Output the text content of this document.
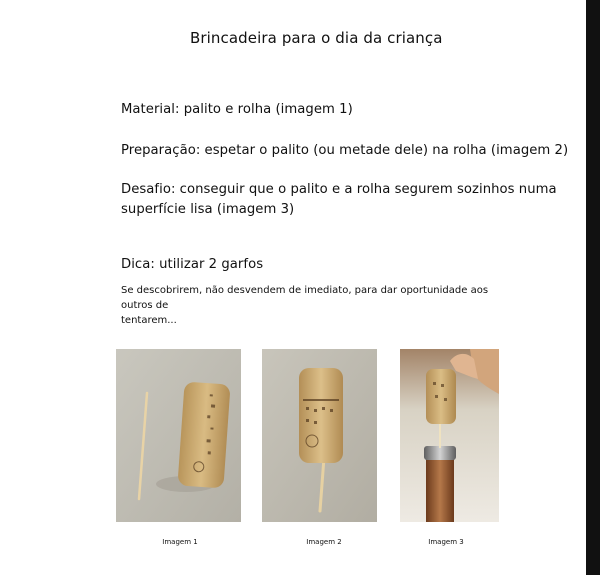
Brincadeira para o dia da criança
Material: palito e rolha (imagem 1)
Preparação: espetar o palito (ou metade dele) na rolha (imagem 2)
Desafio: conseguir que o palito e a rolha segurem sozinhos numa
superfície lisa (imagem 3)
Dica: utilizar 2 garfos
Se descobrirem, não desvendem de imediato, para dar oportunidade aos outros de
tentarem...
Imagem 1	Imagem 2	Imagem 3
